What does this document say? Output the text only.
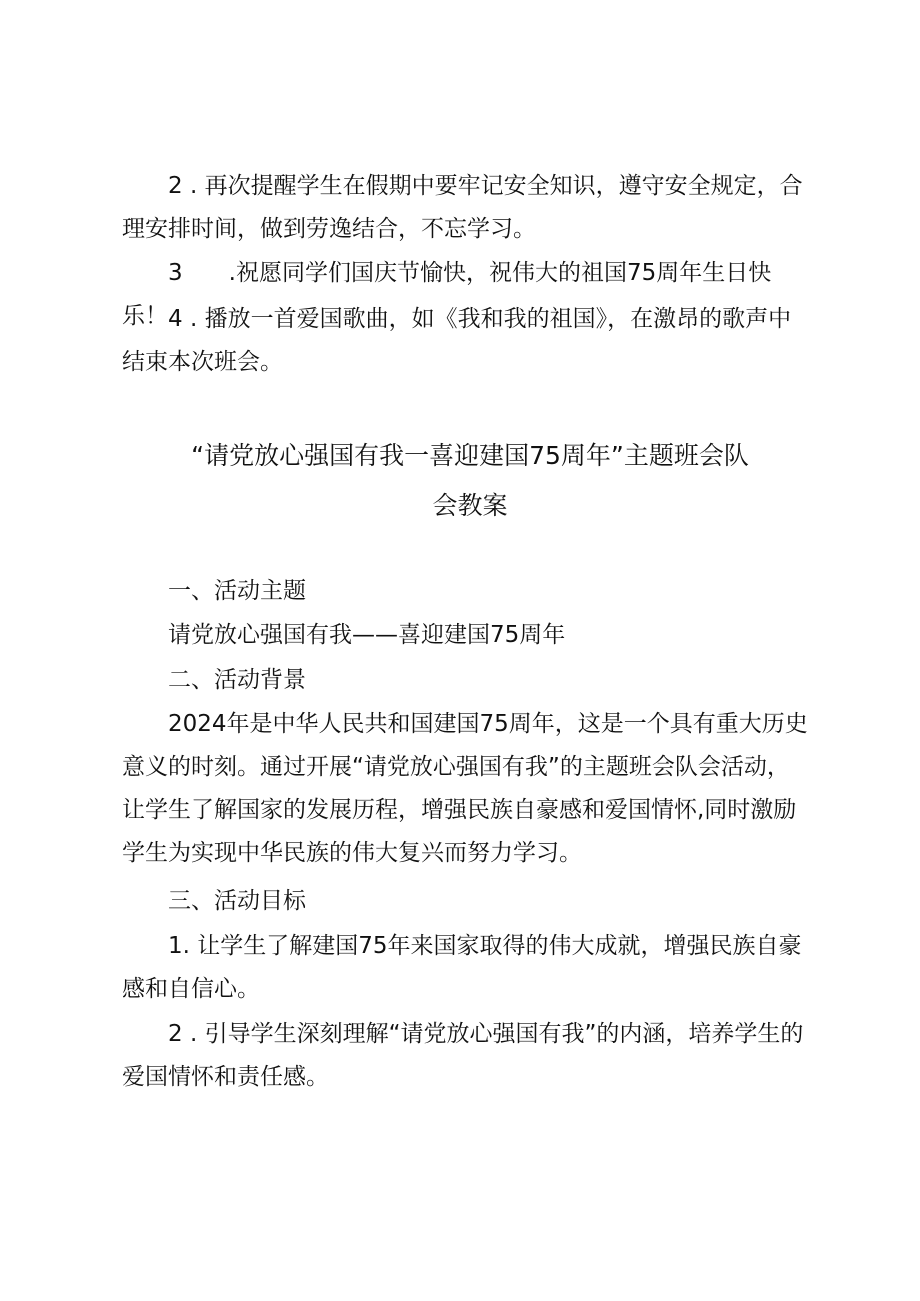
2 . 再次提醒学生在假期中要牢记安全知识，遵守安全规定，合理安排时间，做到劳逸结合，不忘学习。

3　　.祝愿同学们国庆节愉快，祝伟大的祖国75周年生日快乐！ 4 . 播放一首爱国歌曲，如《我和我的祖国》，在激昂的歌声中结束本次班会。

“请党放心强国有我一喜迎建国75周年”主题班会队

会教案

一、活动主题

请党放心强国有我——喜迎建国75周年

二、活动背景

2024年是中华人民共和国建国75周年，这是一个具有重大历史意义的时刻。通过开展“请党放心强国有我”的主题班会队会活动，让学生了解国家的发展历程，增强民族自豪感和爱国情怀,同时激励学生为实现中华民族的伟大复兴而努力学习。

三、活动目标

1. 让学生了解建国75年来国家取得的伟大成就，增强民族自豪感和自信心。

2 . 引导学生深刻理解“请党放心强国有我”的内涵，培养学生的爱国情怀和责任感。
